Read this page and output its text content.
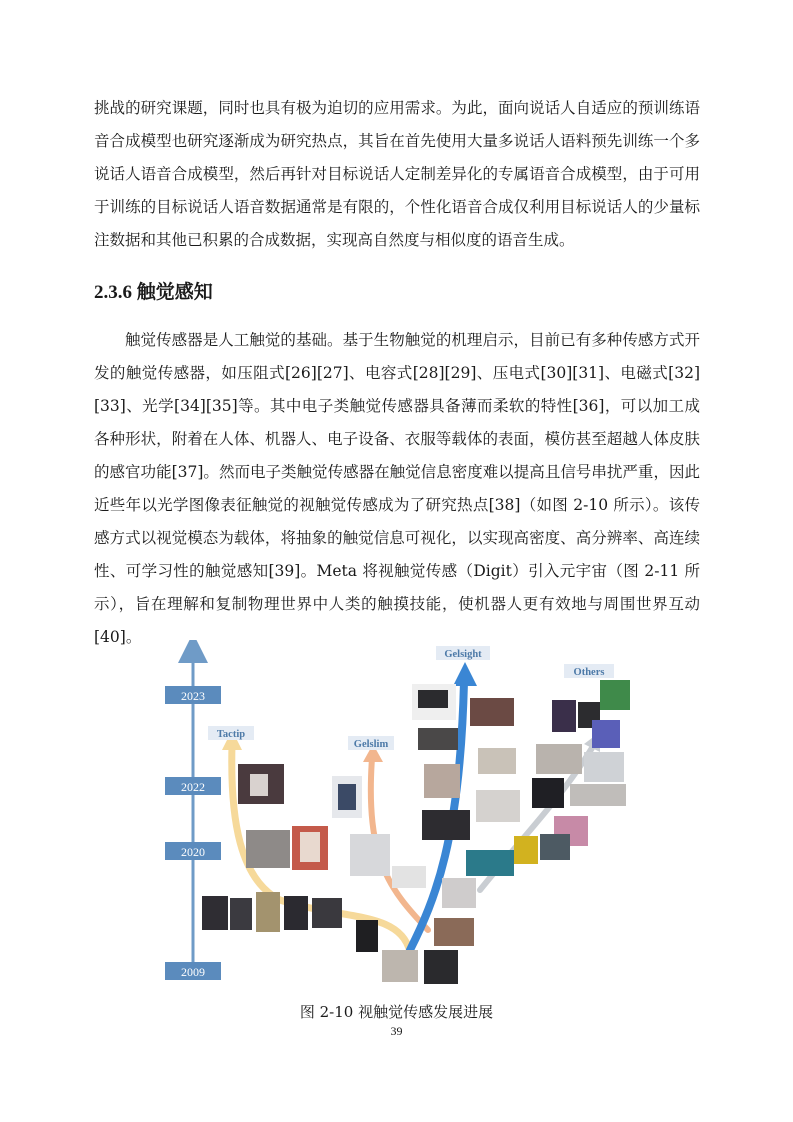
挑战的研究课题，同时也具有极为迫切的应用需求。为此，面向说话人自适应的预训练语音合成模型也研究逐渐成为研究热点，其旨在首先使用大量多说话人语料预先训练一个多说话人语音合成模型，然后再针对目标说话人定制差异化的专属语音合成模型，由于可用于训练的目标说话人语音数据通常是有限的，个性化语音合成仅利用目标说话人的少量标注数据和其他已积累的合成数据，实现高自然度与相似度的语音生成。

2.3.6 触觉感知

触觉传感器是人工触觉的基础。基于生物触觉的机理启示，目前已有多种传感方式开发的触觉传感器，如压阻式[26][27]、电容式[28][29]、压电式[30][31]、电磁式[32][33]、光学[34][35]等。其中电子类触觉传感器具备薄而柔软的特性[36]，可以加工成各种形状，附着在人体、机器人、电子设备、衣服等载体的表面，模仿甚至超越人体皮肤的感官功能[37]。然而电子类触觉传感器在触觉信息密度难以提高且信号串扰严重，因此近些年以光学图像表征触觉的视触觉传感成为了研究热点[38]（如图 2-10 所示）。该传感方式以视觉模态为载体，将抽象的触觉信息可视化，以实现高密度、高分辨率、高连续性、可学习性的触觉感知[39]。Meta 将视触觉传感（Digit）引入元宇宙（图 2-11 所示），旨在理解和复制物理世界中人类的触摸技能，使机器人更有效地与周围世界互动[40]。

2023
2022
2020
2009
Tactip
Gelslim
Gelsight
Others
图 2-10 视触觉传感发展进展
39
